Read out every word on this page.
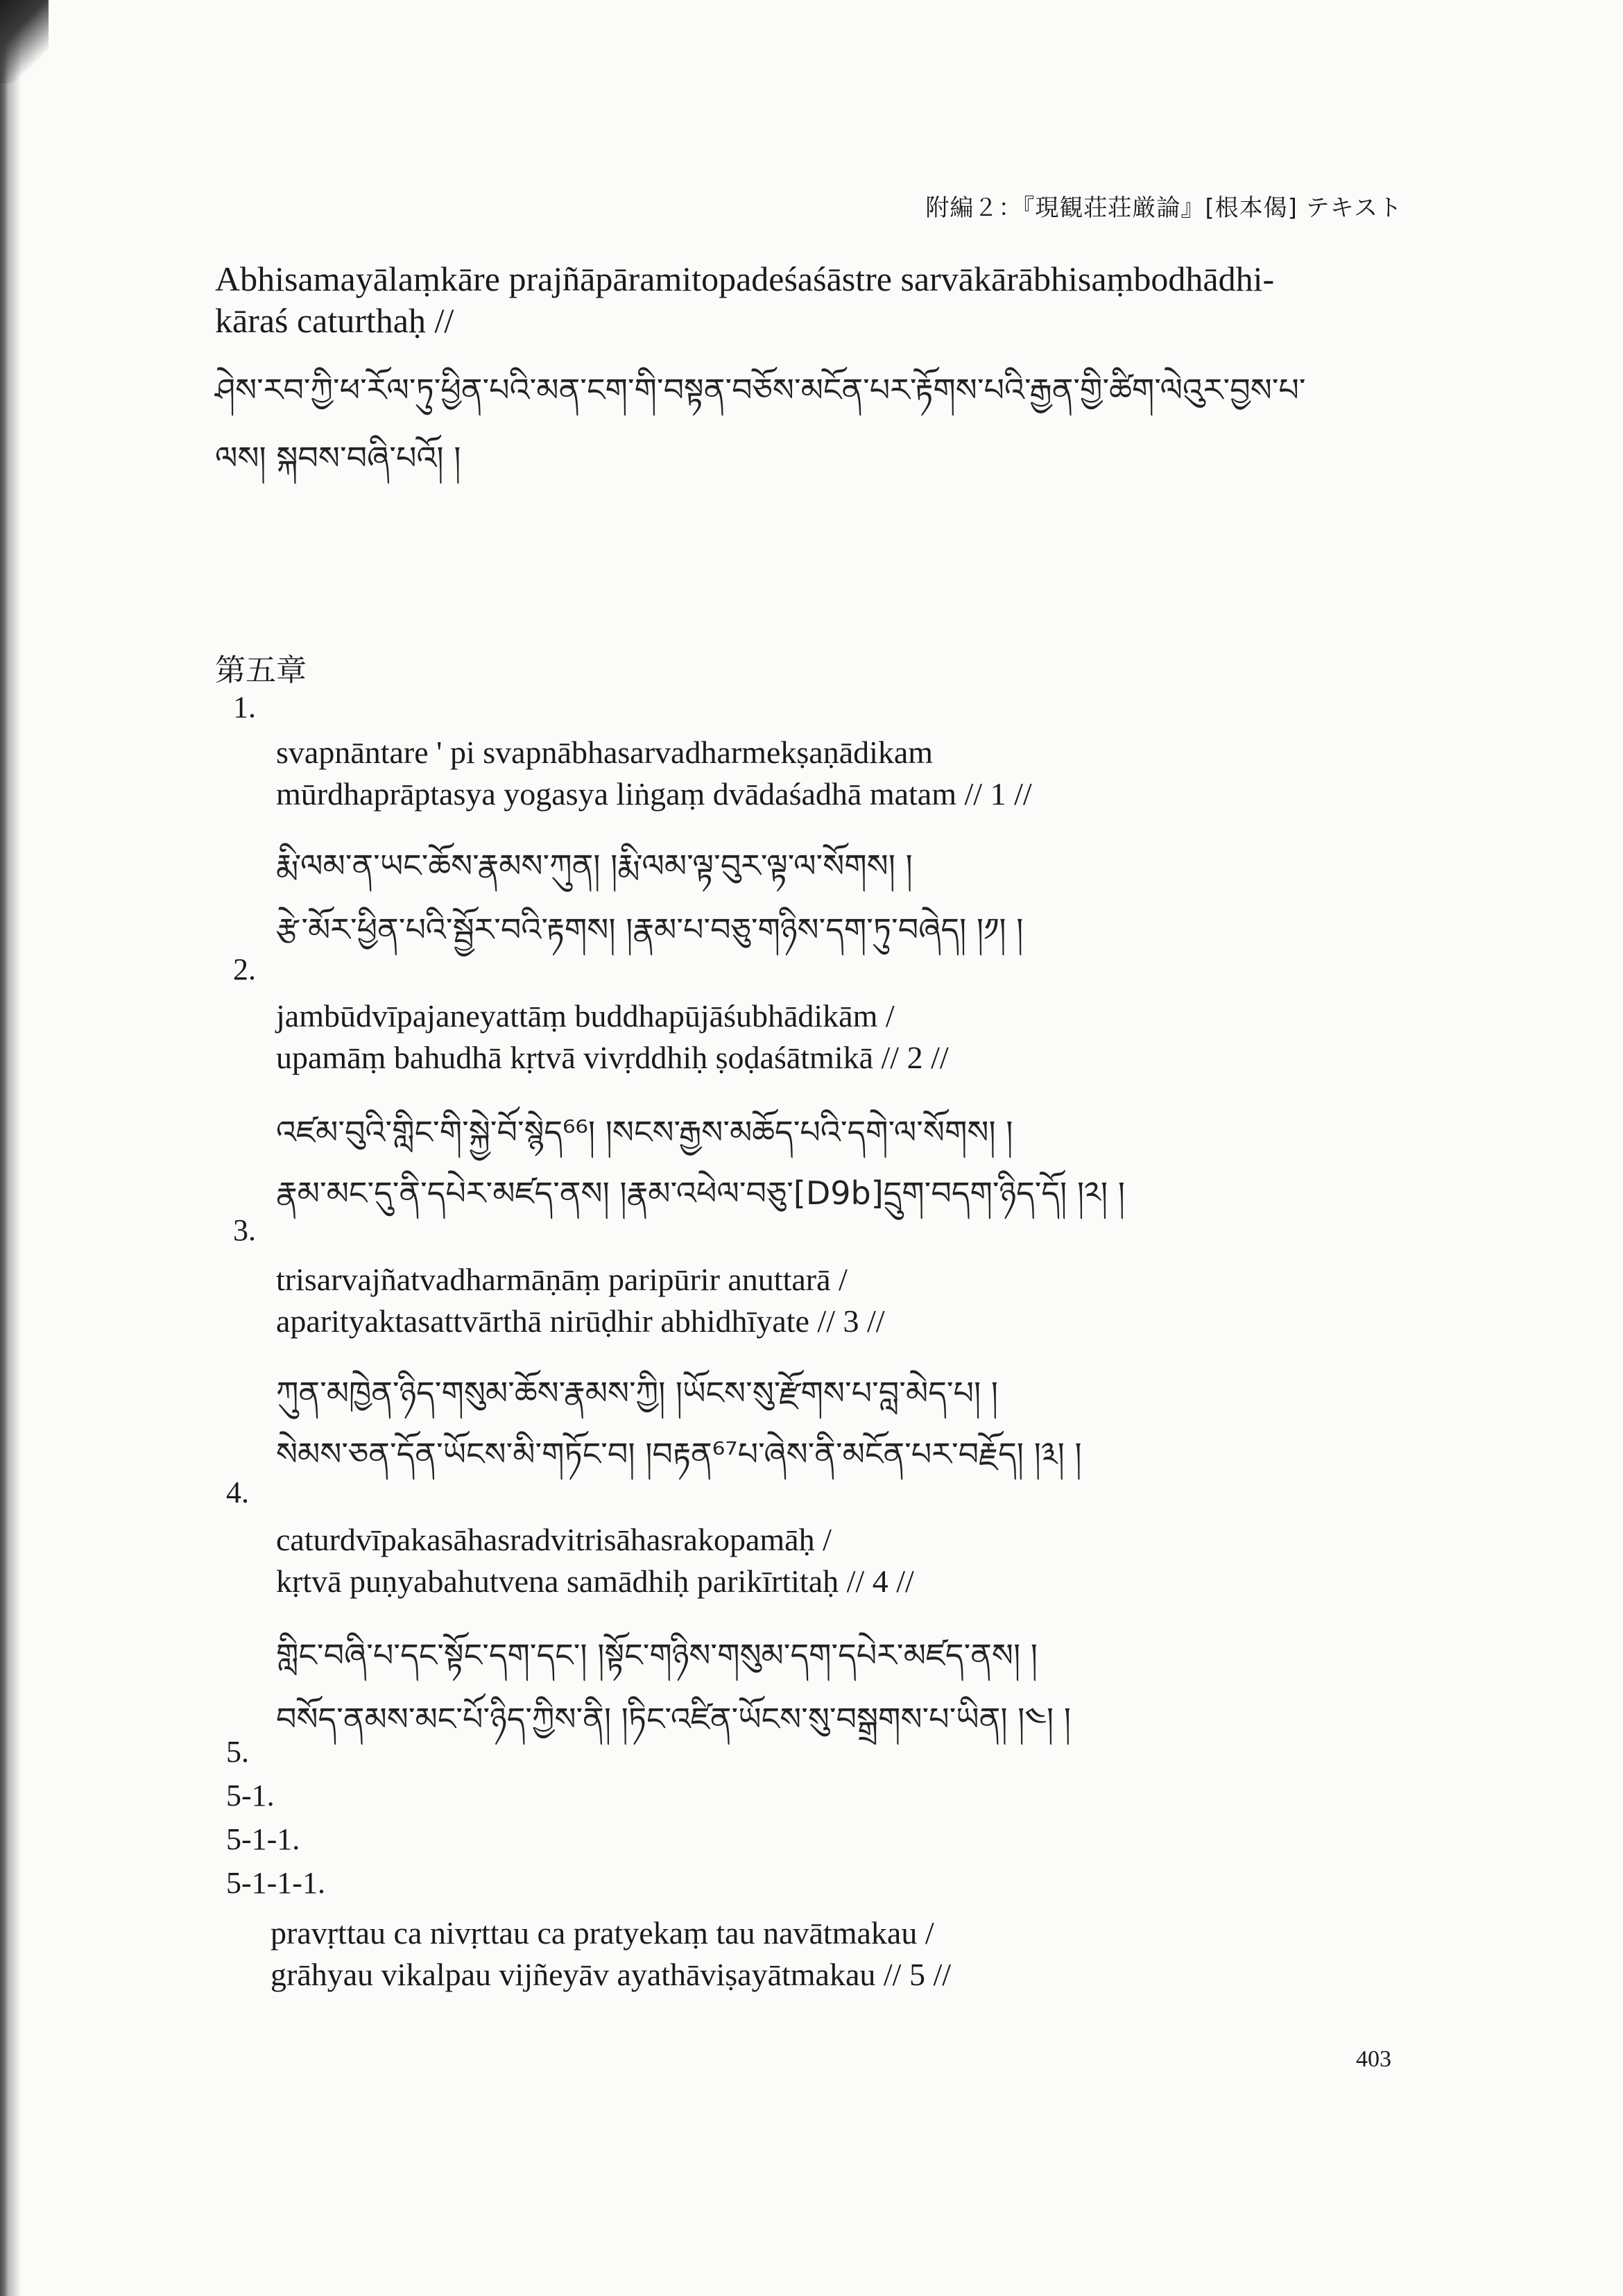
附編２：『現観荘荘厳論』[根本偈] テキスト
Abhisamayālaṃkāre prajñāpāramitopadeśaśāstre sarvākārābhisaṃbodhādhi-
kāraś caturthaḥ //
ཤེས་རབ་ཀྱི་ཕ་རོལ་ཏུ་ཕྱིན་པའི་མན་ངག་གི་བསྟན་བཅོས་མངོན་པར་རྟོགས་པའི་རྒྱན་གྱི་ཚིག་ལེའུར་བྱས་པ་
ལས། སྐབས་བཞི་པའོ། །
第五章
1.
svapnāntare ' pi svapnābhasarvadharmekṣaṇādikam
mūrdhaprāptasya yogasya liṅgaṃ dvādaśadhā matam // 1 //
རྨི་ལམ་ན་ཡང་ཆོས་རྣམས་ཀུན། །རྨི་ལམ་ལྟ་བུར་ལྟ་ལ་སོགས། །
རྩེ་མོར་ཕྱིན་པའི་སྦྱོར་བའི་རྟགས། །རྣམ་པ་བཅུ་གཉིས་དག་ཏུ་བཞེད། །༡། །
2.
jambūdvīpajaneyattāṃ buddhapūjāśubhādikām /
upamāṃ bahudhā kṛtvā vivṛddhiḥ ṣoḍaśātmikā // 2 //
འཛམ་བུའི་གླིང་གི་སྐྱེ་བོ་སྙེད⁶⁶། །སངས་རྒྱས་མཆོད་པའི་དགེ་ལ་སོགས། །
རྣམ་མང་དུ་ནི་དཔེར་མཛད་ནས། །རྣམ་འཕེལ་བཅུ་[D9b]དྲུག་བདག་ཉིད་དོ། །༢། །
3.
trisarvajñatvadharmāṇāṃ paripūrir anuttarā /
aparityaktasattvārthā nirūḍhir abhidhīyate // 3 //
ཀུན་མཁྱེན་ཉིད་གསུམ་ཆོས་རྣམས་ཀྱི། །ཡོངས་སུ་རྫོགས་པ་བླ་མེད་པ། །
སེམས་ཅན་དོན་ཡོངས་མི་གཏོང་བ། །བརྟན⁶⁷པ་ཞེས་ནི་མངོན་པར་བརྗོད། །༣། །
4.
caturdvīpakasāhasradvitrisāhasrakopamāḥ /
kṛtvā puṇyabahutvena samādhiḥ parikīrtitaḥ // 4 //
གླིང་བཞི་པ་དང་སྟོང་དག་དང་། །སྟོང་གཉིས་གསུམ་དག་དཔེར་མཛད་ནས། །
བསོད་ནམས་མང་པོ་ཉིད་ཀྱིས་ནི། །ཏིང་འཛིན་ཡོངས་སུ་བསྒྲགས་པ་ཡིན། །༤། །
5.
5-1.
5-1-1.
5-1-1-1.
pravṛttau ca nivṛttau ca pratyekaṃ tau navātmakau /
grāhyau vikalpau vijñeyāv ayathāviṣayātmakau // 5 //
403
